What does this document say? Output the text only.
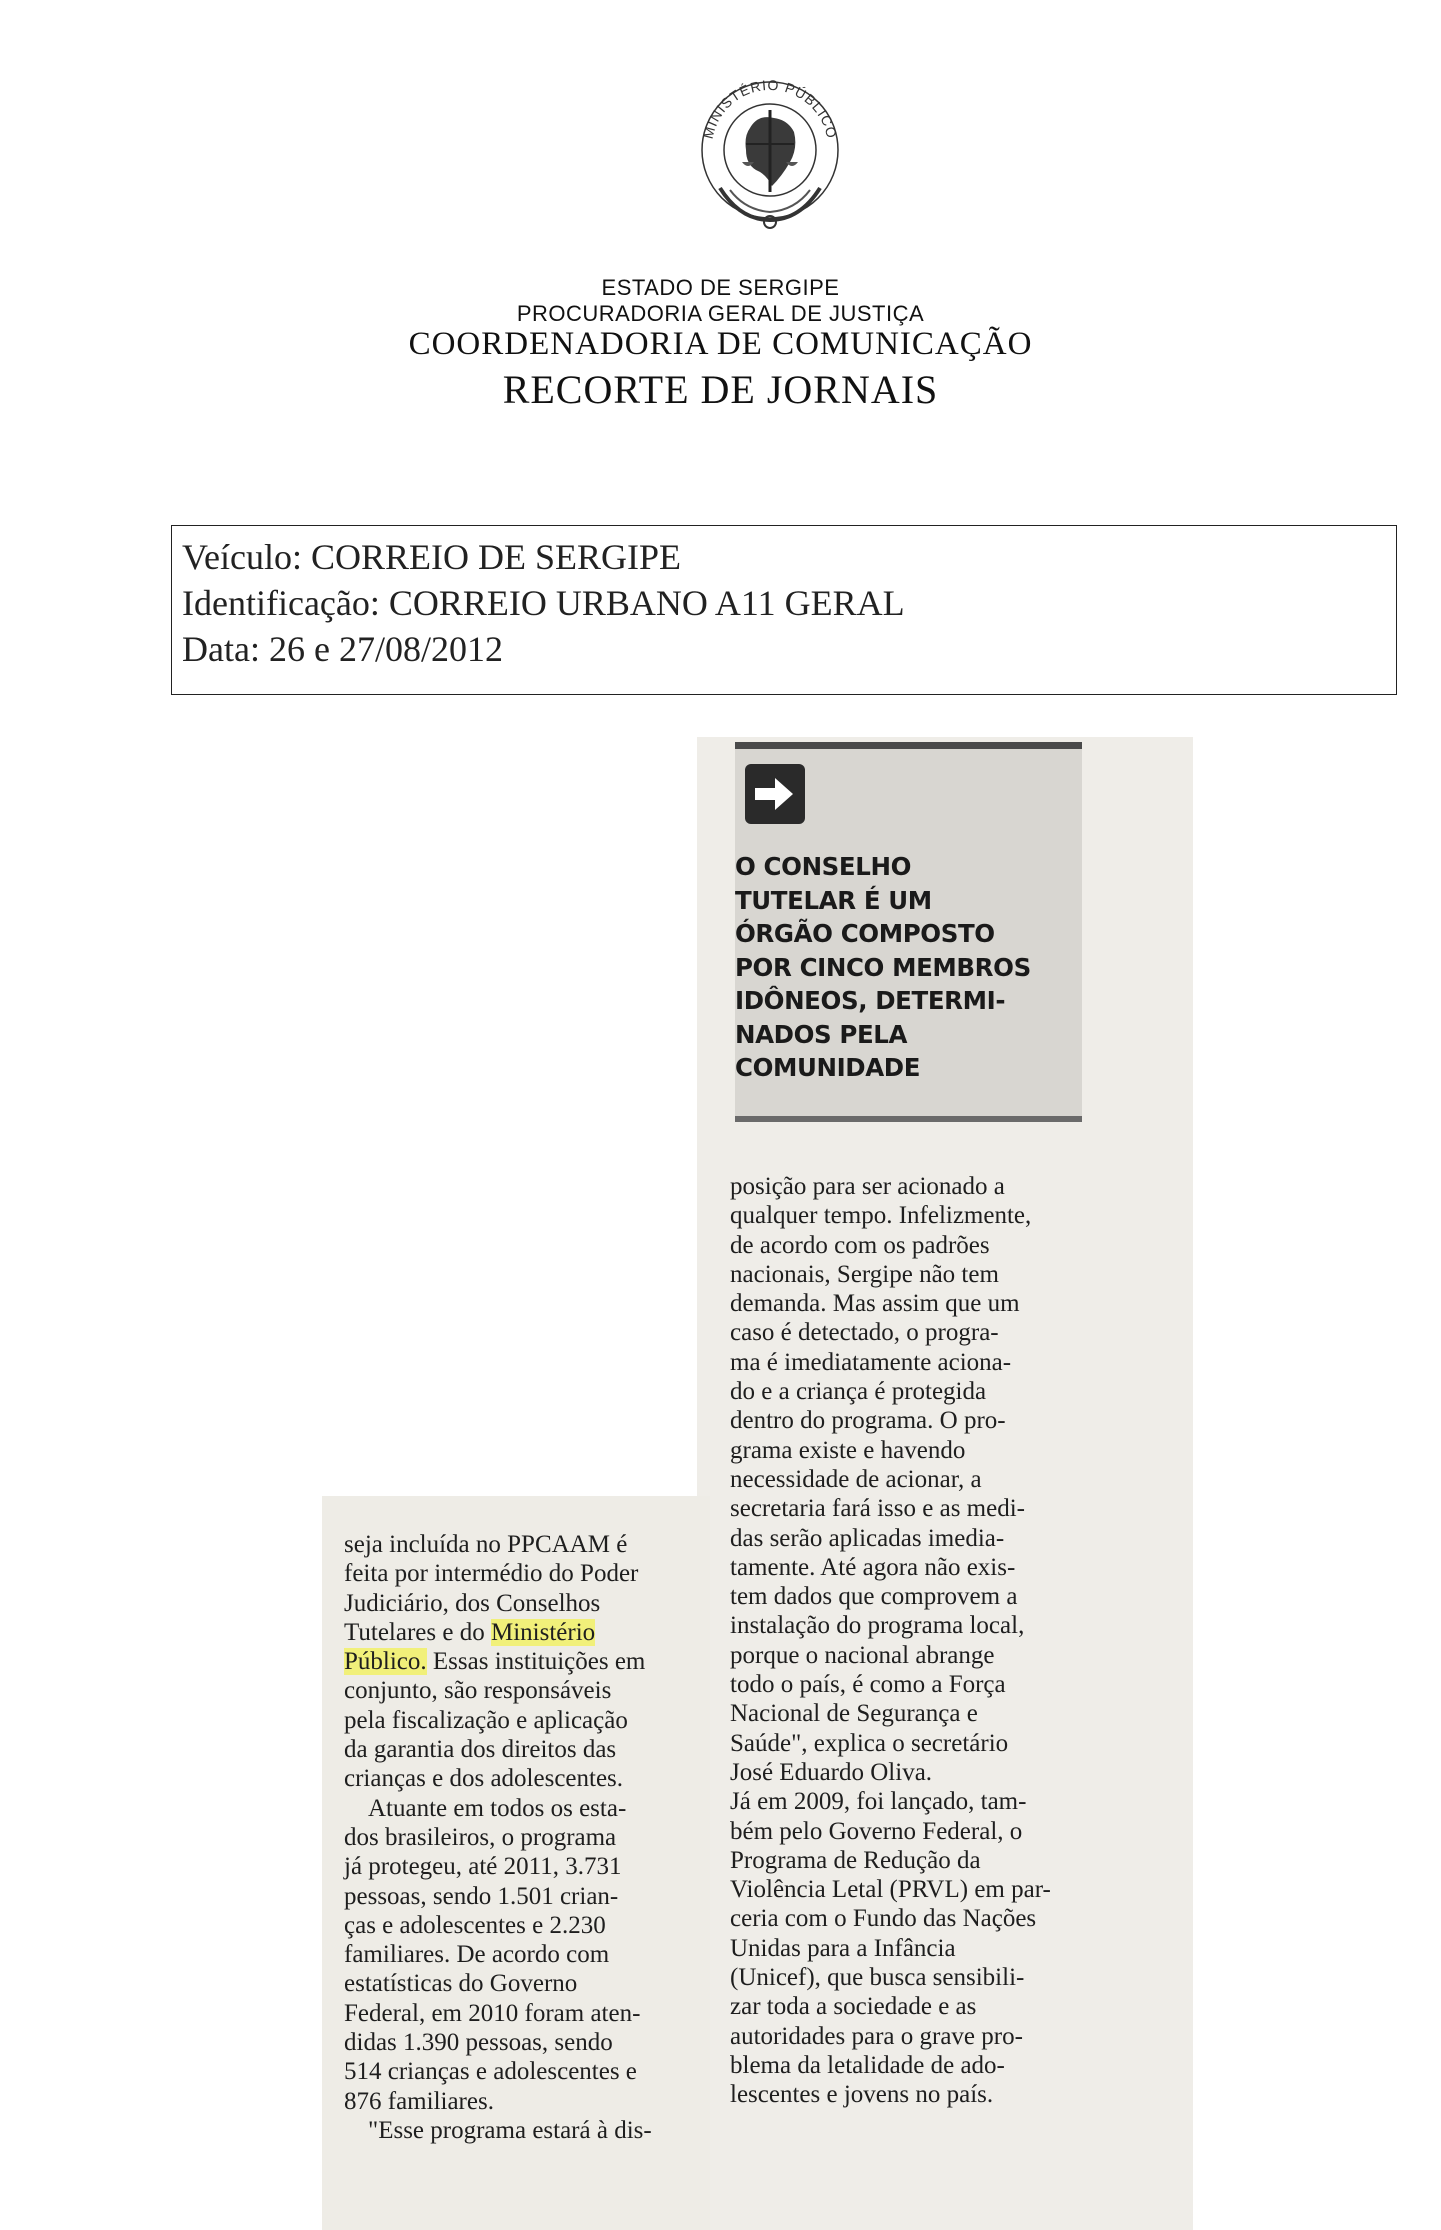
MINISTÉRIO PÚBLICO
ESTADO DE SERGIPE
PROCURADORIA GERAL DE JUSTIÇA
COORDENADORIA DE COMUNICAÇÃO
RECORTE DE JORNAIS
Veículo: CORREIO DE SERGIPE
Identificação: CORREIO URBANO A11 GERAL
Data: 26 e 27/08/2012
O CONSELHO
TUTELAR É UM
ÓRGÃO COMPOSTO
POR CINCO MEMBROS
IDÔNEOS, DETERMI-
NADOS PELA
COMUNIDADE
posição para ser acionado a
qualquer tempo. Infelizmente,
de acordo com os padrões
nacionais, Sergipe não tem
demanda. Mas assim que um
caso é detectado, o progra-
ma é imediatamente aciona-
do e a criança é protegida
dentro do programa. O pro-
grama existe e havendo
necessidade de acionar, a
secretaria fará isso e as medi-
das serão aplicadas imedia-
tamente. Até agora não exis-
tem dados que comprovem a
instalação do programa local,
porque o nacional abrange
todo o país, é como a Força
Nacional de Segurança e
Saúde", explica o secretário
José Eduardo Oliva.
Já em 2009, foi lançado, tam-
bém pelo Governo Federal, o
Programa de Redução da
Violência Letal (PRVL) em par-
ceria com o Fundo das Nações
Unidas para a Infância
(Unicef), que busca sensibili-
zar toda a sociedade e as
autoridades para o grave pro-
blema da letalidade de ado-
lescentes e jovens no país.
seja incluída no PPCAAM é
feita por intermédio do Poder
Judiciário, dos Conselhos
Tutelares e do Ministério
Público. Essas instituições em
conjunto, são responsáveis
pela fiscalização e aplicação
da garantia dos direitos das
crianças e dos adolescentes.
Atuante em todos os esta-
dos brasileiros, o programa
já protegeu, até 2011, 3.731
pessoas, sendo 1.501 crian-
ças e adolescentes e 2.230
familiares. De acordo com
estatísticas do Governo
Federal, em 2010 foram aten-
didas 1.390 pessoas, sendo
514 crianças e adolescentes e
876 familiares.
"Esse programa estará à dis-
